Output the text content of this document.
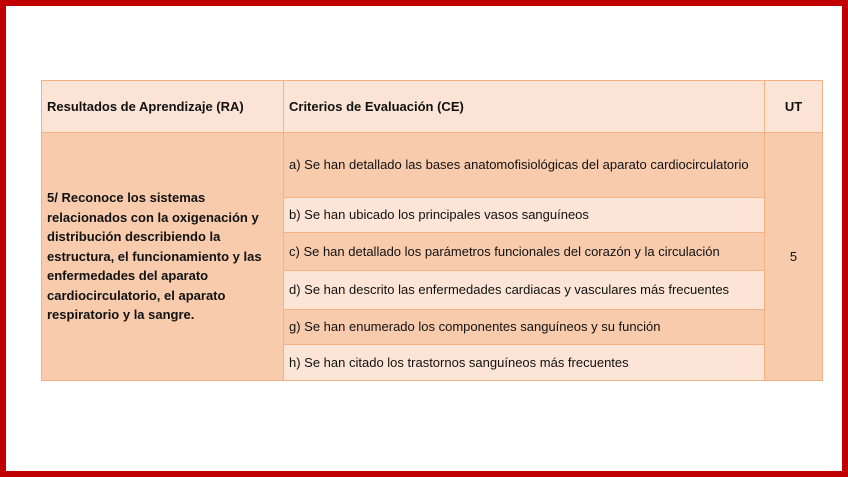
Resultados de Aprendizaje (RA)	Criterios de Evaluación (CE)	UT
5/ Reconoce los sistemas relacionados con la oxigenación y distribución describiendo la estructura, el funcionamiento y las enfermedades del aparato cardiocirculatorio, el aparato respiratorio y la sangre.	a) Se han detallado las bases anatomofisiológicas del aparato cardiocirculatorio	5
	b) Se han ubicado los principales vasos sanguíneos	
	c) Se han detallado los parámetros funcionales del corazón y la circulación	
	d) Se han descrito las enfermedades cardiacas y vasculares más frecuentes	
	g) Se han enumerado los componentes sanguíneos y su función	
	h) Se han citado los trastornos sanguíneos más frecuentes	
